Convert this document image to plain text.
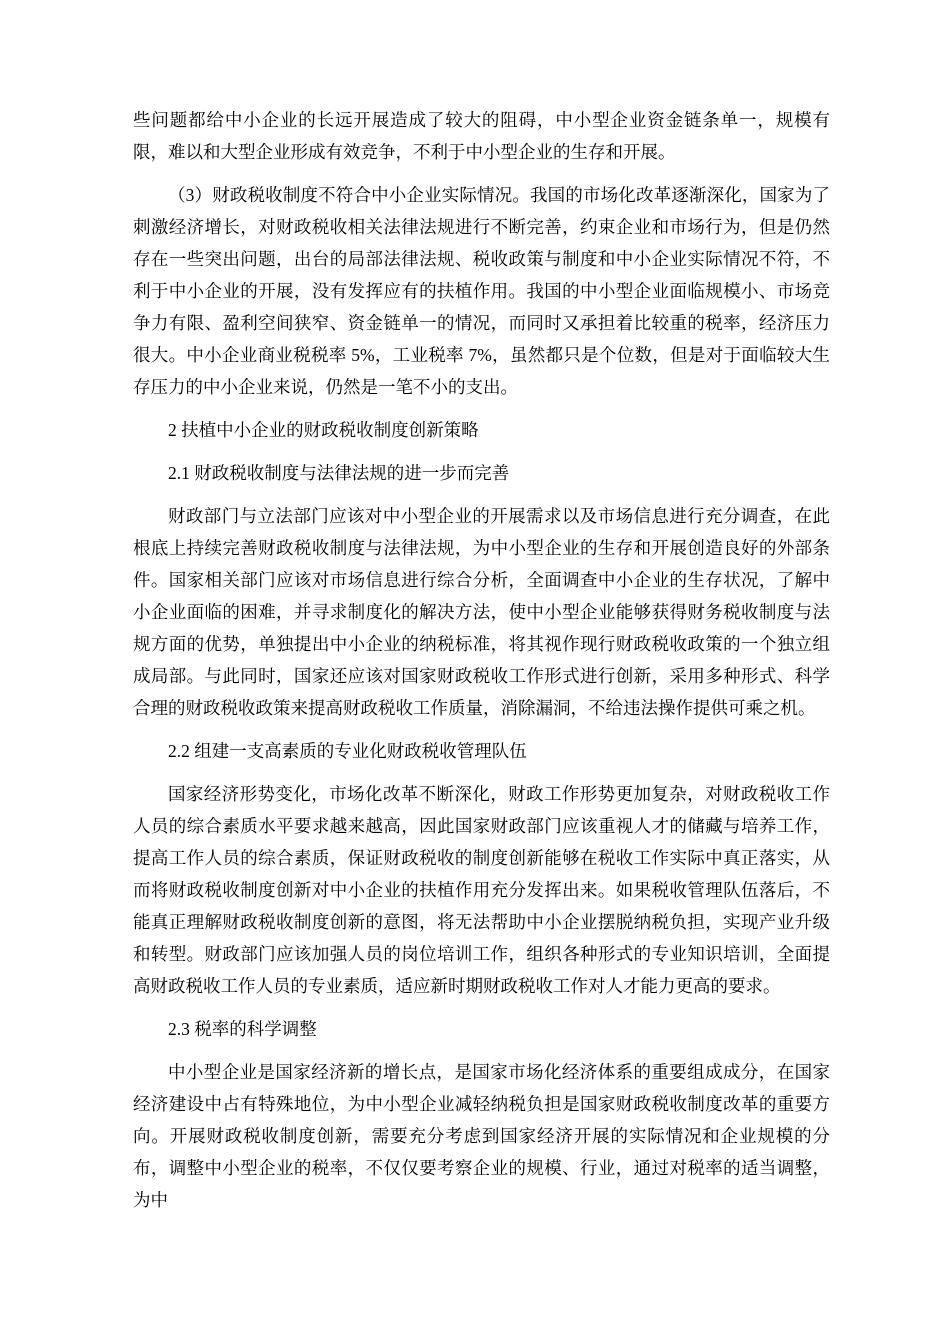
些问题都给中小企业的长远开展造成了较大的阻碍，中小型企业资金链条单一，规模有限，难以和大型企业形成有效竞争，不利于中小型企业的生存和开展。

（3）财政税收制度不符合中小企业实际情况。我国的市场化改革逐渐深化，国家为了刺激经济增长，对财政税收相关法律法规进行不断完善，约束企业和市场行为，但是仍然存在一些突出问题，出台的局部法律法规、税收政策与制度和中小企业实际情况不符，不利于中小企业的开展，没有发挥应有的扶植作用。我国的中小型企业面临规模小、市场竞争力有限、盈利空间狭窄、资金链单一的情况，而同时又承担着比较重的税率，经济压力很大。中小企业商业税税率 5%，工业税率 7%，虽然都只是个位数，但是对于面临较大生存压力的中小企业来说，仍然是一笔不小的支出。

2 扶植中小企业的财政税收制度创新策略

2.1 财政税收制度与法律法规的进一步而完善

财政部门与立法部门应该对中小型企业的开展需求以及市场信息进行充分调查，在此根底上持续完善财政税收制度与法律法规，为中小型企业的生存和开展创造良好的外部条件。国家相关部门应该对市场信息进行综合分析，全面调查中小企业的生存状况，了解中小企业面临的困难，并寻求制度化的解决方法，使中小型企业能够获得财务税收制度与法规方面的优势，单独提出中小企业的纳税标准，将其视作现行财政税收政策的一个独立组成局部。与此同时，国家还应该对国家财政税收工作形式进行创新，采用多种形式、科学合理的财政税收政策来提高财政税收工作质量，消除漏洞，不给违法操作提供可乘之机。

2.2 组建一支高素质的专业化财政税收管理队伍

国家经济形势变化，市场化改革不断深化，财政工作形势更加复杂，对财政税收工作人员的综合素质水平要求越来越高，因此国家财政部门应该重视人才的储藏与培养工作，提高工作人员的综合素质，保证财政税收的制度创新能够在税收工作实际中真正落实，从而将财政税收制度创新对中小企业的扶植作用充分发挥出来。如果税收管理队伍落后，不能真正理解财政税收制度创新的意图，将无法帮助中小企业摆脱纳税负担，实现产业升级和转型。财政部门应该加强人员的岗位培训工作，组织各种形式的专业知识培训，全面提高财政税收工作人员的专业素质，适应新时期财政税收工作对人才能力更高的要求。

2.3 税率的科学调整

中小型企业是国家经济新的增长点，是国家市场化经济体系的重要组成成分，在国家经济建设中占有特殊地位，为中小型企业减轻纳税负担是国家财政税收制度改革的重要方向。开展财政税收制度创新，需要充分考虑到国家经济开展的实际情况和企业规模的分布，调整中小型企业的税率，不仅仅要考察企业的规模、行业，通过对税率的适当调整，为中
